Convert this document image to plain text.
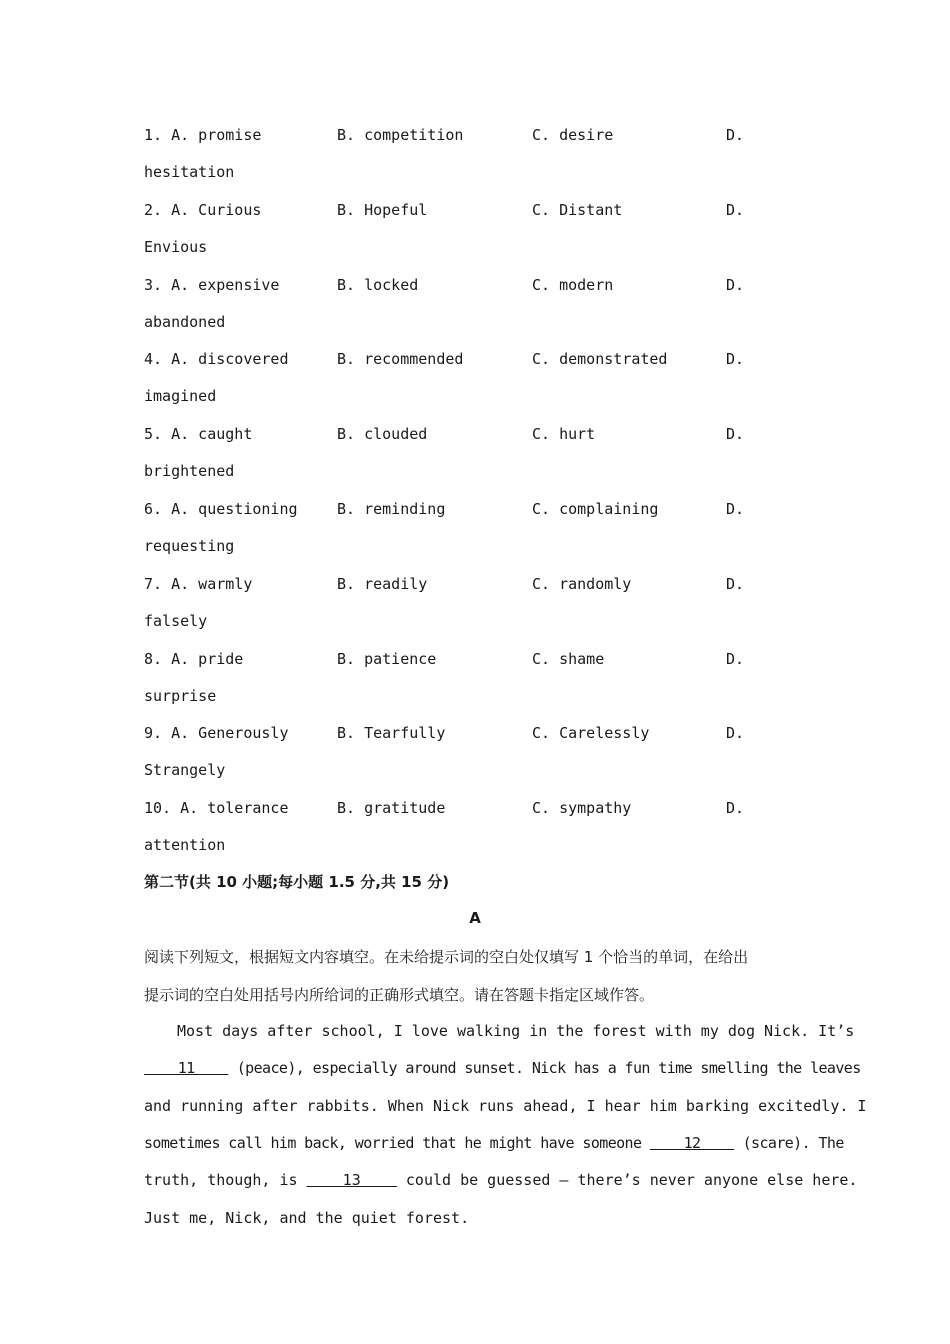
1. A. promise	B. competition	C. desire	D.
hesitation
2. A. Curious	B. Hopeful	C. Distant	D.
Envious
3. A. expensive	B. locked	C. modern	D.
abandoned
4. A. discovered	B. recommended	C. demonstrated	D.
imagined
5. A. caught	B. clouded	C. hurt	D.
brightened
6. A. questioning	B. reminding	C. complaining	D.
requesting
7. A. warmly	B. readily	C. randomly	D.
falsely
8. A. pride	B. patience	C. shame	D.
surprise
9. A. Generously	B. Tearfully	C. Carelessly	D.
Strangely
10. A. tolerance	B. gratitude	C. sympathy	D.
attention
第二节(共 10 小题;每小题 1.5 分,共 15 分)
A
阅读下列短文，根据短文内容填空。在未给提示词的空白处仅填写 1 个恰当的单词，在给出
提示词的空白处用括号内所给词的正确形式填空。请在答题卡指定区域作答。
Most days after school, I love walking in the forest with my dog Nick. It’s
11     (peace), especially around sunset. Nick has a fun time smelling the leaves
and running after rabbits. When Nick runs ahead, I hear him barking excitedly. I
sometimes call him back, worried that he might have someone     12     (scare). The
truth, though, is     13     could be guessed — there’s never anyone else here.
Just me, Nick, and the quiet forest.
